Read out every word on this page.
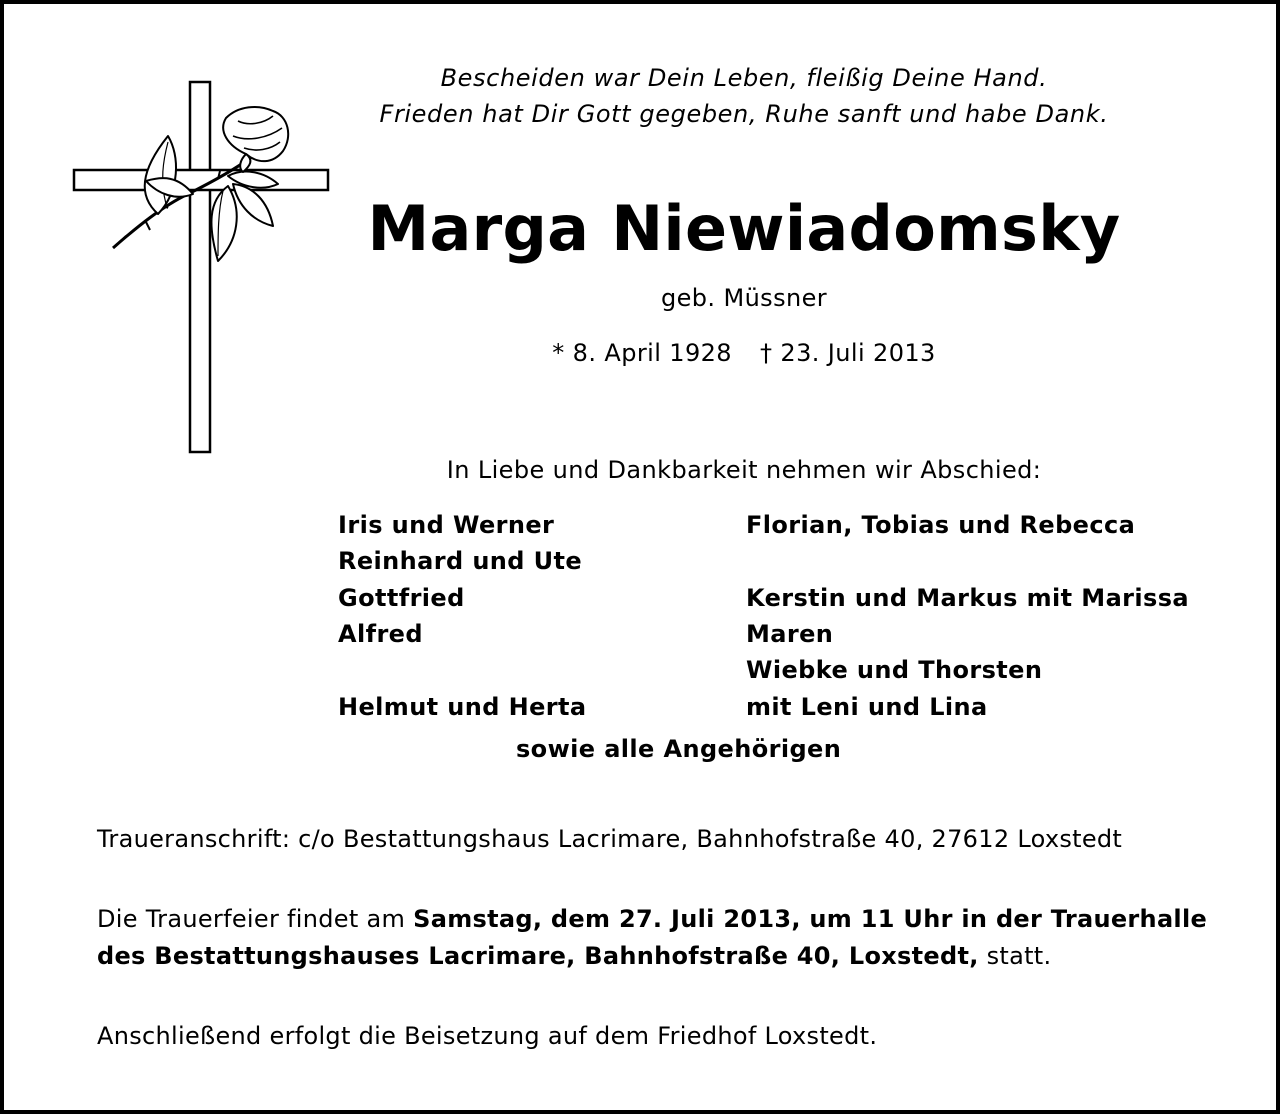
Bescheiden war Dein Leben, fleißig Deine Hand.

Frieden hat Dir Gott gegeben, Ruhe sanft und habe Dank.

Marga Niewiadomsky

geb. Müssner

* 8. April 1928 † 23. Juli 2013

In Liebe und Dankbarkeit nehmen wir Abschied:

Iris und Werner

Reinhard und Ute

Gottfried

Alfred

Helmut und Herta

Florian, Tobias und Rebecca

Kerstin und Markus mit Marissa

Maren

Wiebke und Thorsten

mit Leni und Lina

sowie alle Angehörigen

Traueranschrift: c/o Bestattungshaus Lacrimare, Bahnhofstraße 40, 27612 Loxstedt

Die Trauerfeier findet am Samstag, dem 27. Juli 2013, um 11 Uhr in der Trauerhalle

des Bestattungshauses Lacrimare, Bahnhofstraße 40, Loxstedt, statt.

Anschließend erfolgt die Beisetzung auf dem Friedhof Loxstedt.
